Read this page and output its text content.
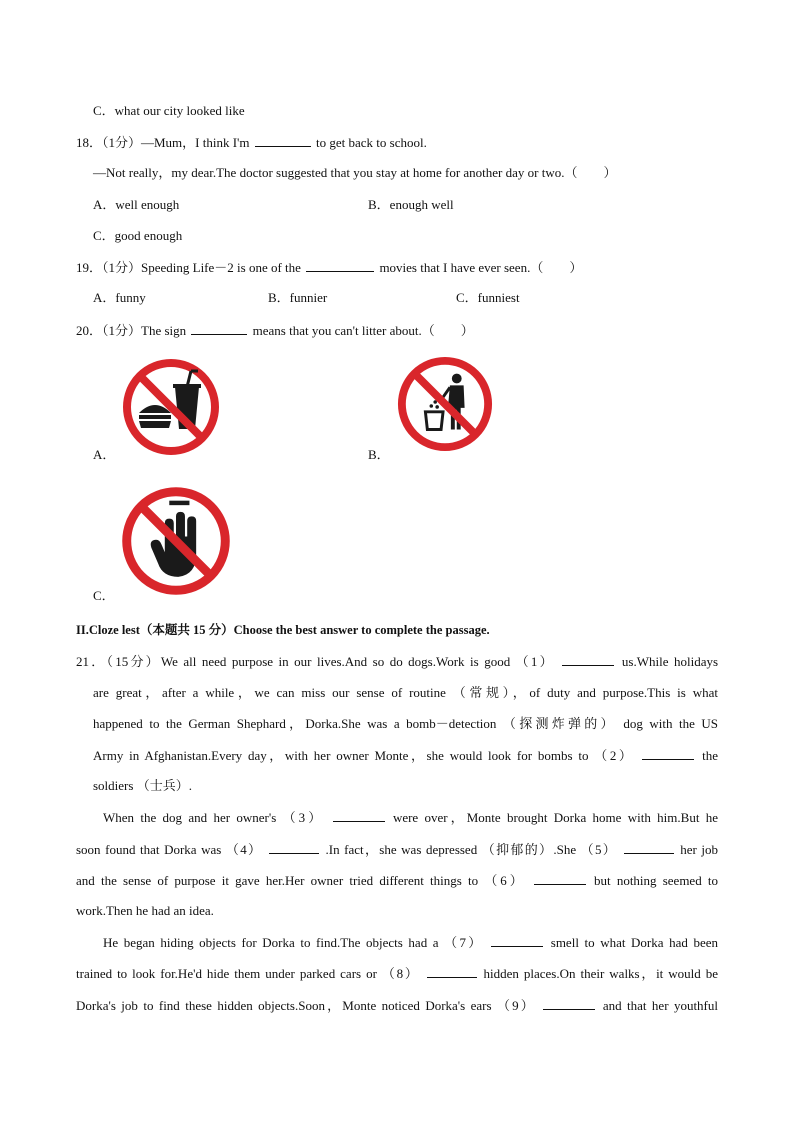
C．what our city looked like
18．（1分）—Mum，I think I'm	to get back to school.
—Not really，my dear.The doctor suggested that you stay at home for another day or two.（　　）
A．well enough	B．enough well
C．good enough
19．（1分）Speeding Life－2 is one of the	movies that I have ever seen.（　　）
A．funny	B．funnier	C．funniest
20．（1分）The sign	means that you can't litter about.（　　）
A．	B．
C．
II.Cloze lest（本题共 15 分）Choose the best answer to complete the passage.
21．（15分）We all need purpose in our lives.And so do dogs.Work is good （1）	us.While holidays
are great，after a while，we can miss our sense of routine （常规），of duty and purpose.This is what
happened to the German Shephard，Dorka.She was a bomb－detection （探测炸弹的） dog with the US
Army in Afghanistan.Every day，with her owner Monte，she would look for bombs to （2）	the
soldiers （士兵）.
When the dog and her owner's （3）	were over，Monte brought Dorka home with him.But he
soon found that Dorka was （4）	.In fact，she was depressed （抑郁的）.She （5）	her job
and the sense of purpose it gave her.Her owner tried different things to （6）	but nothing seemed to
work.Then he had an idea.
He began hiding objects for Dorka to find.The objects had a （7）	smell to what Dorka had been
trained to look for.He'd hide them under parked cars or （8）	hidden places.On their walks，it would be
Dorka's job to find these hidden objects.Soon，Monte noticed Dorka's ears （9）	and that her youthful
